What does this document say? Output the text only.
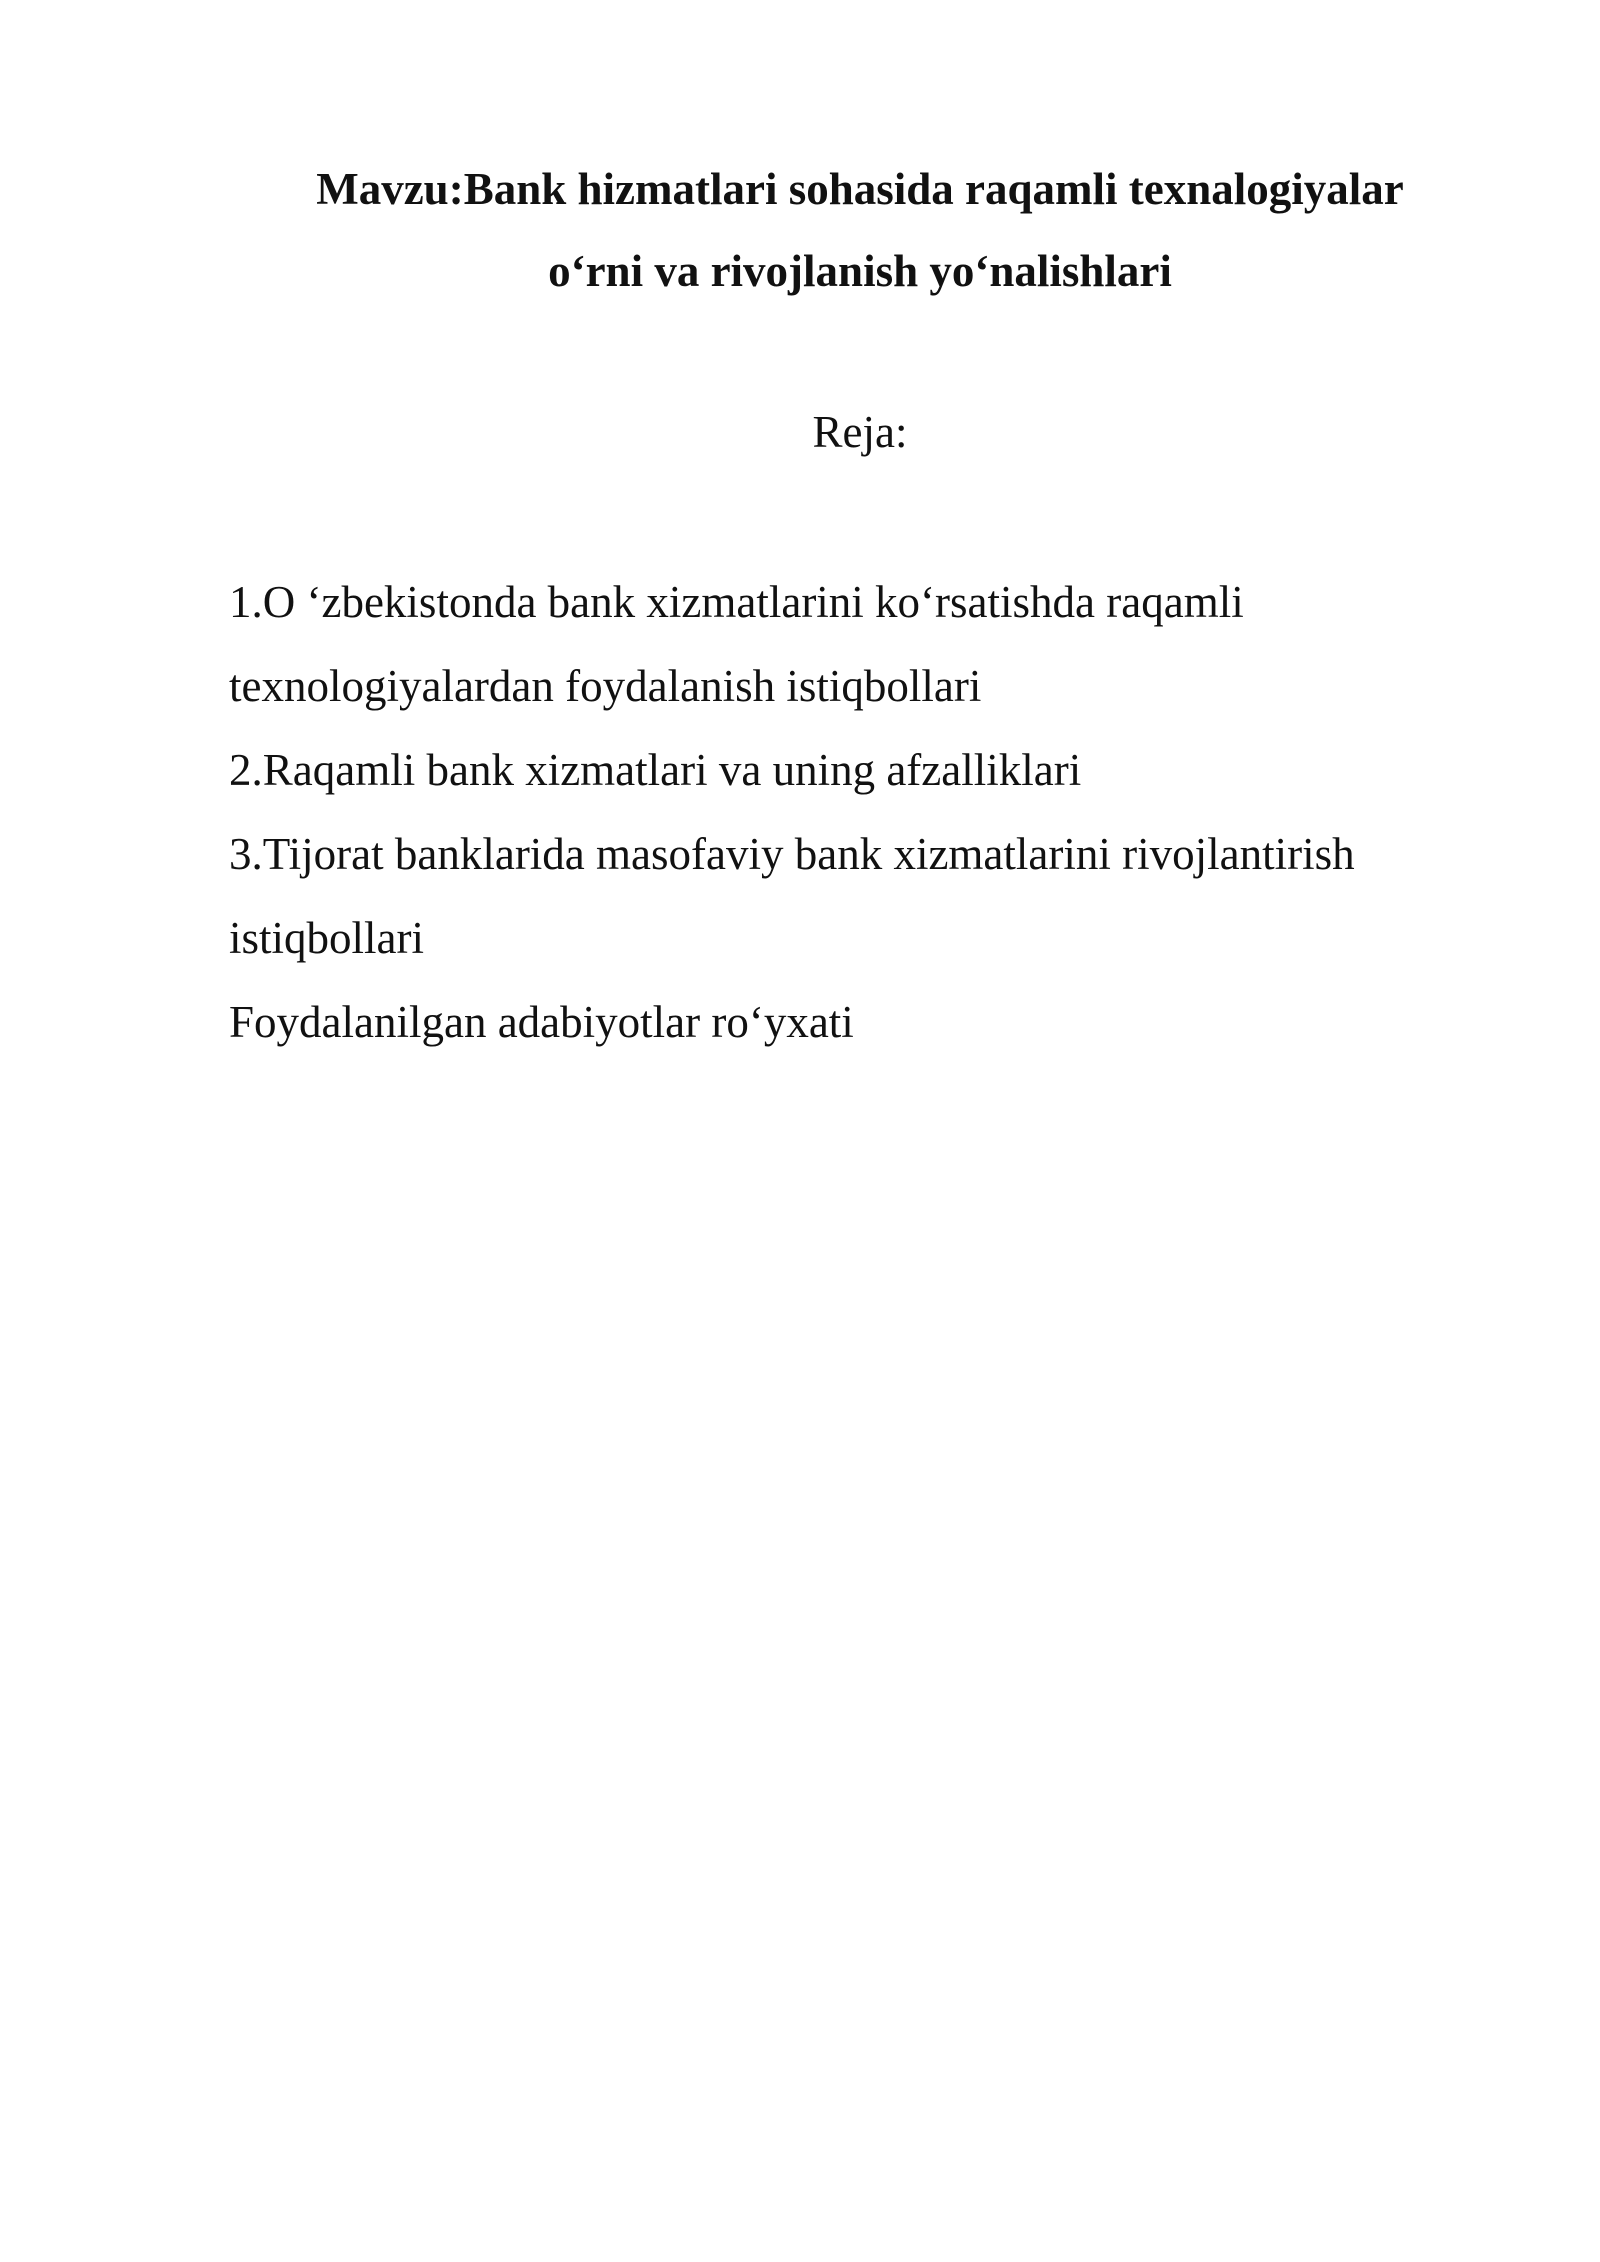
Mavzu:Bank hizmatlari sohasida raqamli texnalogiyalar
o‘rni va rivojlanish yo‘nalishlari
Reja:
1.O ‘zbekistonda bank xizmatlarini ko‘rsatishda raqamli
texnologiyalardan foydalanish istiqbollari
2.Raqamli bank xizmatlari va uning afzalliklari
3.Tijorat banklarida masofaviy bank xizmatlarini rivojlantirish
istiqbollari
Foydalanilgan adabiyotlar ro‘yxati
